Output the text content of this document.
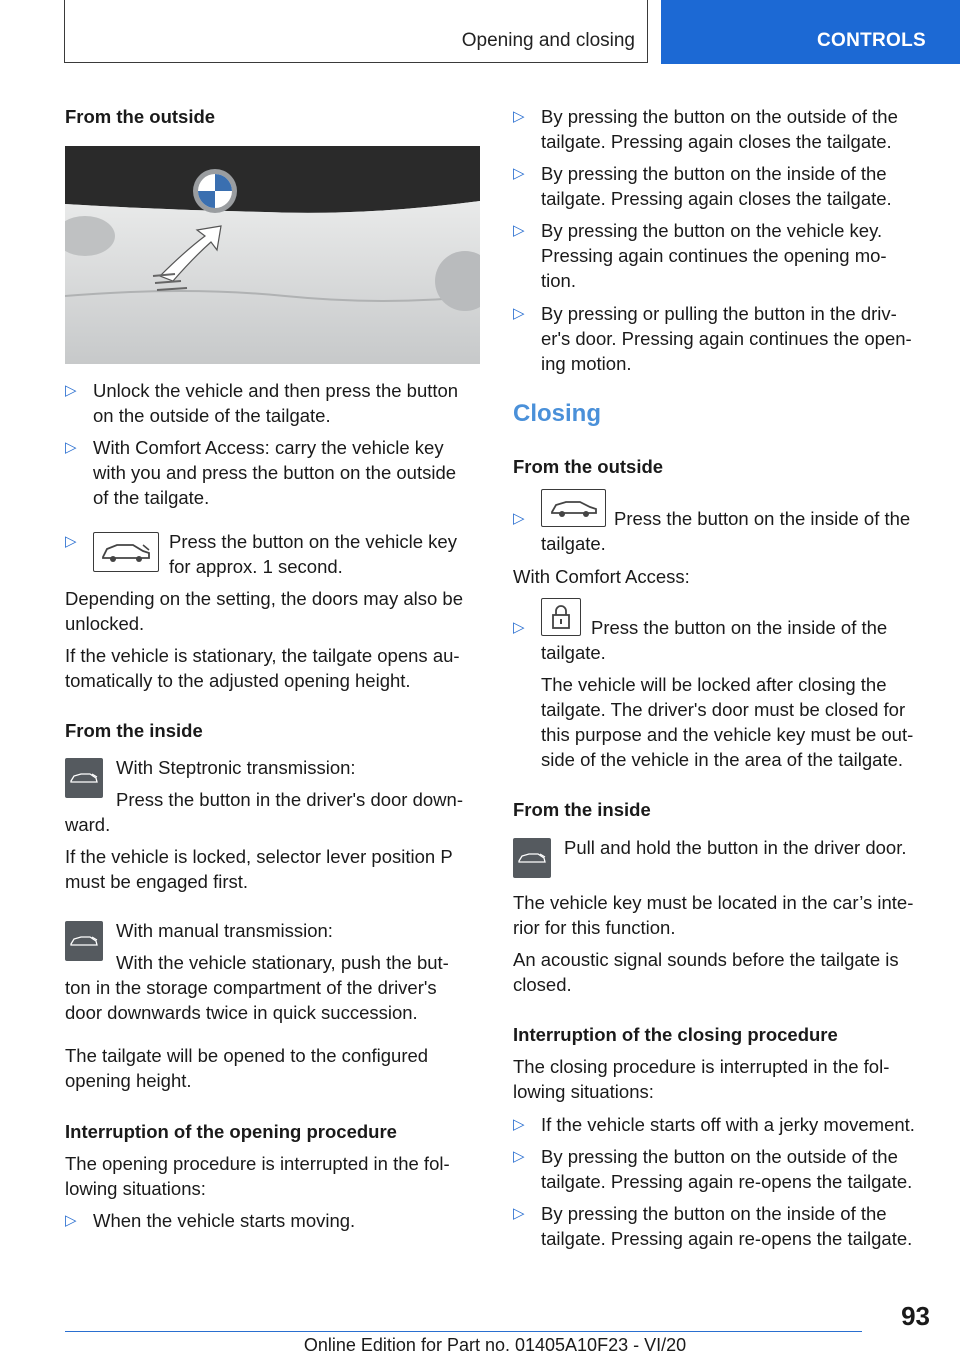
Opening and closing	CONTROLS

From the outside

▷ Unlock the vehicle and then press the button

on the outside of the tailgate.

▷ With Comfort Access: carry the vehicle key

with you and press the button on the outside

of the tailgate.

▷	Press the button on the vehicle key

for approx. 1 second.

Depending on the setting, the doors may also be

unlocked.

If the vehicle is stationary, the tailgate opens au‐

tomatically to the adjusted opening height.

From the inside

With Steptronic transmission:

Press the button in the driver's door down‐

ward.

If the vehicle is locked, selector lever position P

must be engaged first.

With manual transmission:

With the vehicle stationary, push the but‐

ton in the storage compartment of the driver's

door downwards twice in quick succession.

The tailgate will be opened to the configured

opening height.

Interruption of the opening procedure

The opening procedure is interrupted in the fol‐

lowing situations:

▷ When the vehicle starts moving.

▷ By pressing the button on the outside of the

tailgate. Pressing again closes the tailgate.

▷ By pressing the button on the inside of the

tailgate. Pressing again closes the tailgate.

▷ By pressing the button on the vehicle key.

Pressing again continues the opening mo‐

tion.

▷ By pressing or pulling the button in the driv‐

er's door. Pressing again continues the open‐

ing motion.

Closing

From the outside

▷	Press the button on the inside of the

tailgate.

With Comfort Access:

▷	Press the button on the inside of the

tailgate.

The vehicle will be locked after closing the

tailgate. The driver's door must be closed for

this purpose and the vehicle key must be out‐

side of the vehicle in the area of the tailgate.

From the inside

Pull and hold the button in the driver door.

The vehicle key must be located in the car’s inte‐

rior for this function.

An acoustic signal sounds before the tailgate is

closed.

Interruption of the closing procedure

The closing procedure is interrupted in the fol‐

lowing situations:

▷ If the vehicle starts off with a jerky movement.

▷ By pressing the button on the outside of the

tailgate. Pressing again re-opens the tailgate.

▷ By pressing the button on the inside of the

tailgate. Pressing again re-opens the tailgate.

93
Online Edition for Part no. 01405A10F23 - VI/20
